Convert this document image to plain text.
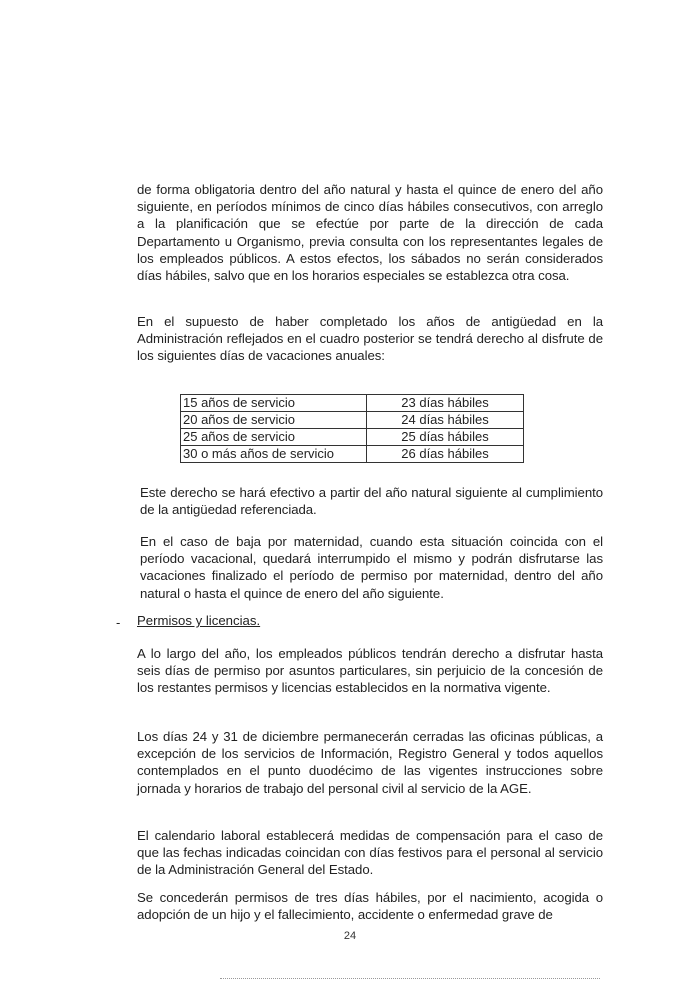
de forma obligatoria dentro del año natural y hasta el quince de enero del año siguiente, en períodos mínimos de cinco días hábiles consecutivos, con arreglo a la planificación que se efectúe por parte de la dirección de cada Departamento u Organismo, previa consulta con los representantes legales de los empleados públicos. A estos efectos, los sábados no serán considerados días hábiles, salvo que en los horarios especiales se establezca otra cosa.

En el supuesto de haber completado los años de antigüedad en la Administración reflejados en el cuadro posterior se tendrá derecho al disfrute de los siguientes días de vacaciones anuales:

15 años de servicio	23 días hábiles
20 años de servicio	24 días hábiles
25 años de servicio	25 días hábiles
30 o más años de servicio	26 días hábiles

Este derecho se hará efectivo a partir del año natural siguiente al cumplimiento de la antigüedad referenciada.

En el caso de baja por maternidad, cuando esta situación coincida con el período vacacional, quedará interrumpido el mismo y podrán disfrutarse las vacaciones finalizado el período de permiso por maternidad, dentro del año natural o hasta el quince de enero del año siguiente.

- Permisos y licencias.

A lo largo del año, los empleados públicos tendrán derecho a disfrutar hasta seis días de permiso por asuntos particulares, sin perjuicio de la concesión de los restantes permisos y licencias establecidos en la normativa vigente.

Los días 24 y 31 de diciembre permanecerán cerradas las oficinas públicas, a excepción de los servicios de Información, Registro General y todos aquellos contemplados en el punto duodécimo de las vigentes instrucciones sobre jornada y horarios de trabajo del personal civil al servicio de la AGE.

El calendario laboral establecerá medidas de compensación para el caso de que las fechas indicadas coincidan con días festivos para el personal al servicio de la Administración General del Estado.

Se concederán permisos de tres días hábiles, por el nacimiento, acogida o adopción de un hijo y el fallecimiento, accidente o enfermedad grave de

24
